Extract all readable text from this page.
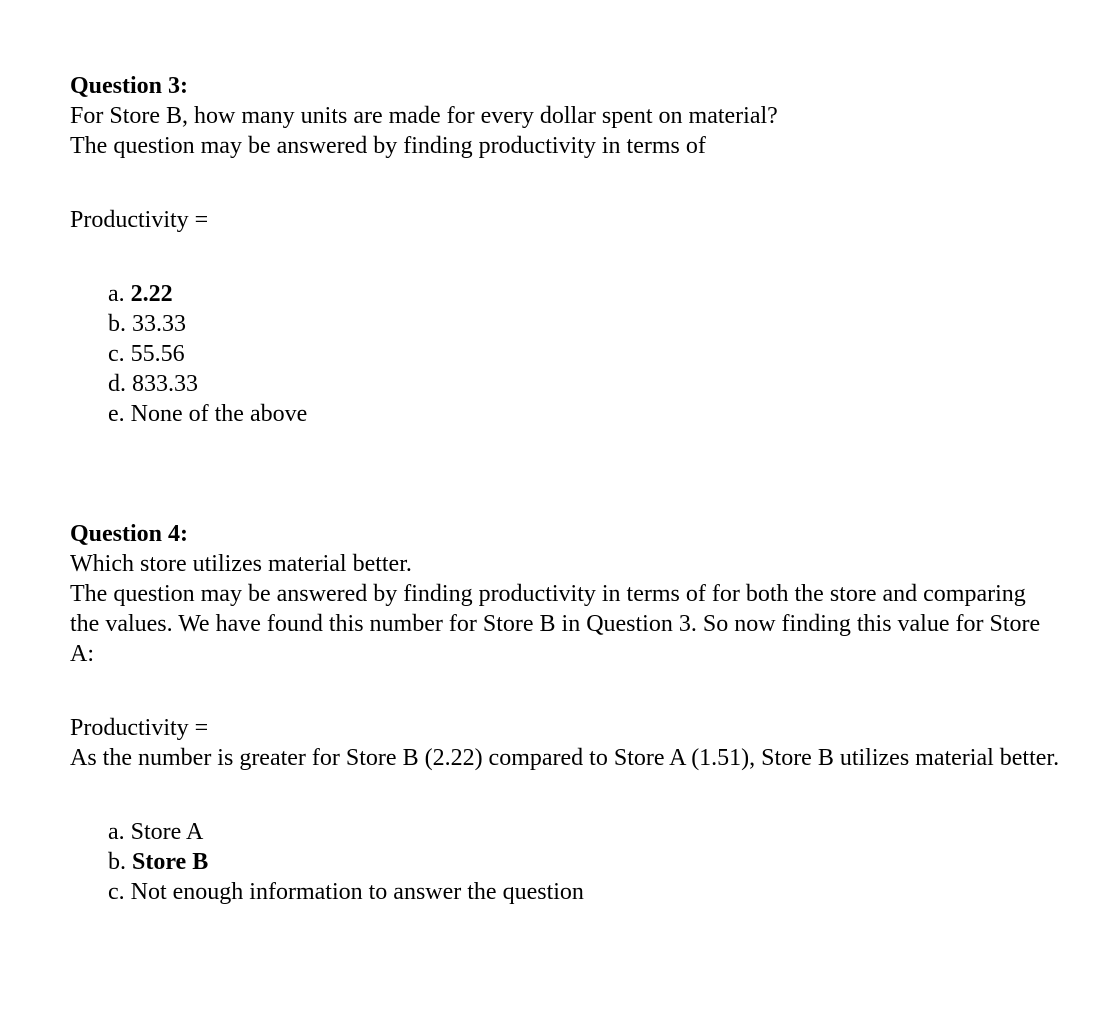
Question 3:

For Store B, how many units are made for every dollar spent on material?

The question may be answered by finding productivity in terms of

Productivity =

a. 2.22
b. 33.33
c. 55.56
d. 833.33
e. None of the above

Question 4:

Which store utilizes material better.

The question may be answered by finding productivity in terms of for both the store and comparing the values. We have found this number for Store B in Question 3. So now finding this value for Store A:

Productivity =

As the number is greater for Store B (2.22) compared to Store A (1.51), Store B utilizes material better.

a. Store A
b. Store B
c. Not enough information to answer the question
